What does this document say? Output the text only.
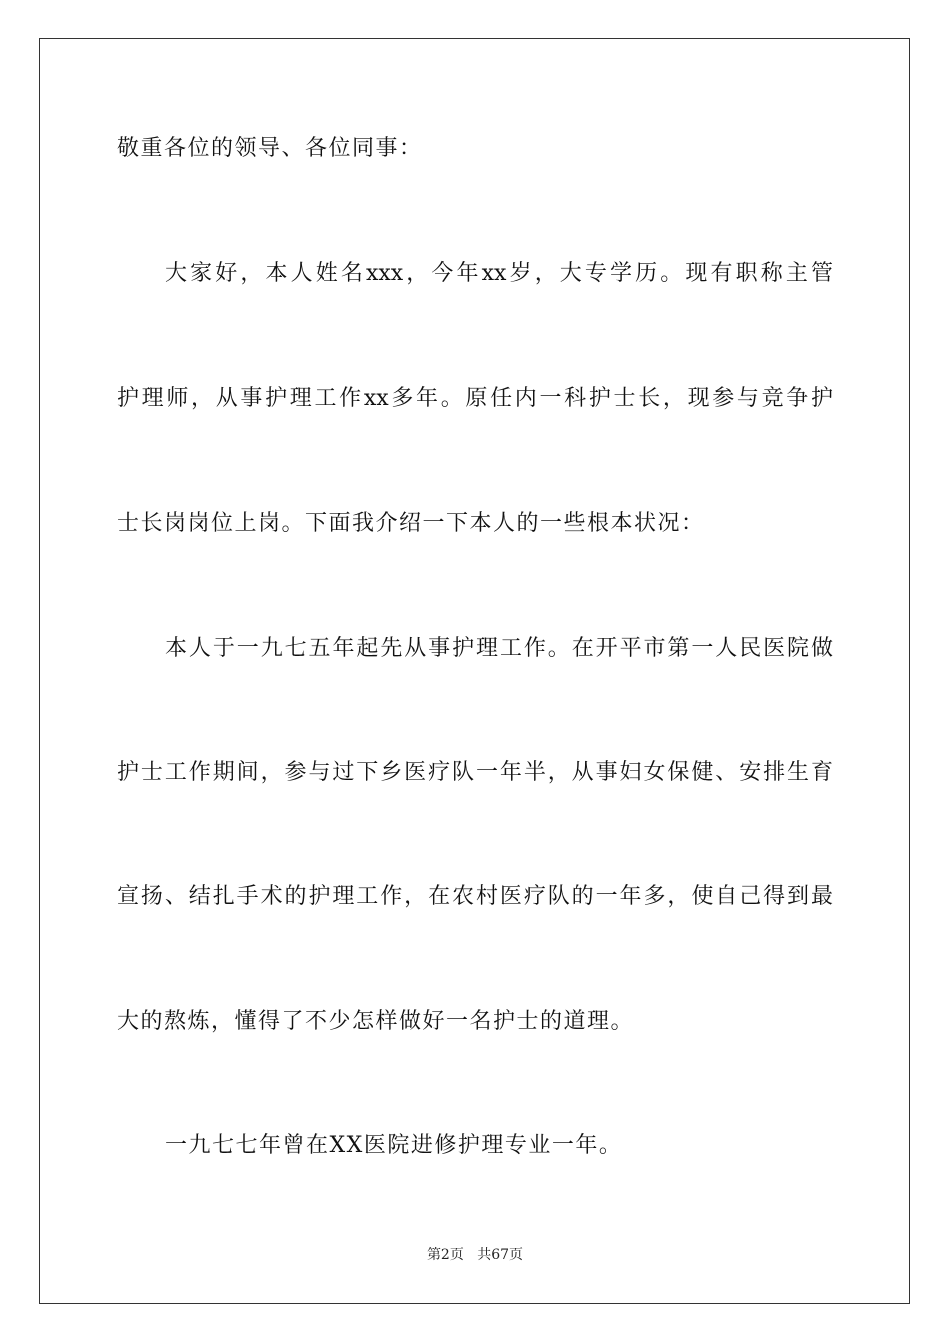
敬重各位的领导、各位同事：
大家好，本人姓名xxx，今年xx岁，大专学历。现有职称主管
护理师，从事护理工作xx多年。原任内一科护士长，现参与竞争护
士长岗岗位上岗。下面我介绍一下本人的一些根本状况：
本人于一九七五年起先从事护理工作。在开平市第一人民医院做
护士工作期间，参与过下乡医疗队一年半，从事妇女保健、安排生育
宣扬、结扎手术的护理工作，在农村医疗队的一年多，使自己得到最
大的熬炼，懂得了不少怎样做好一名护士的道理。
一九七七年曾在XX医院进修护理专业一年。
第2页 共67页
